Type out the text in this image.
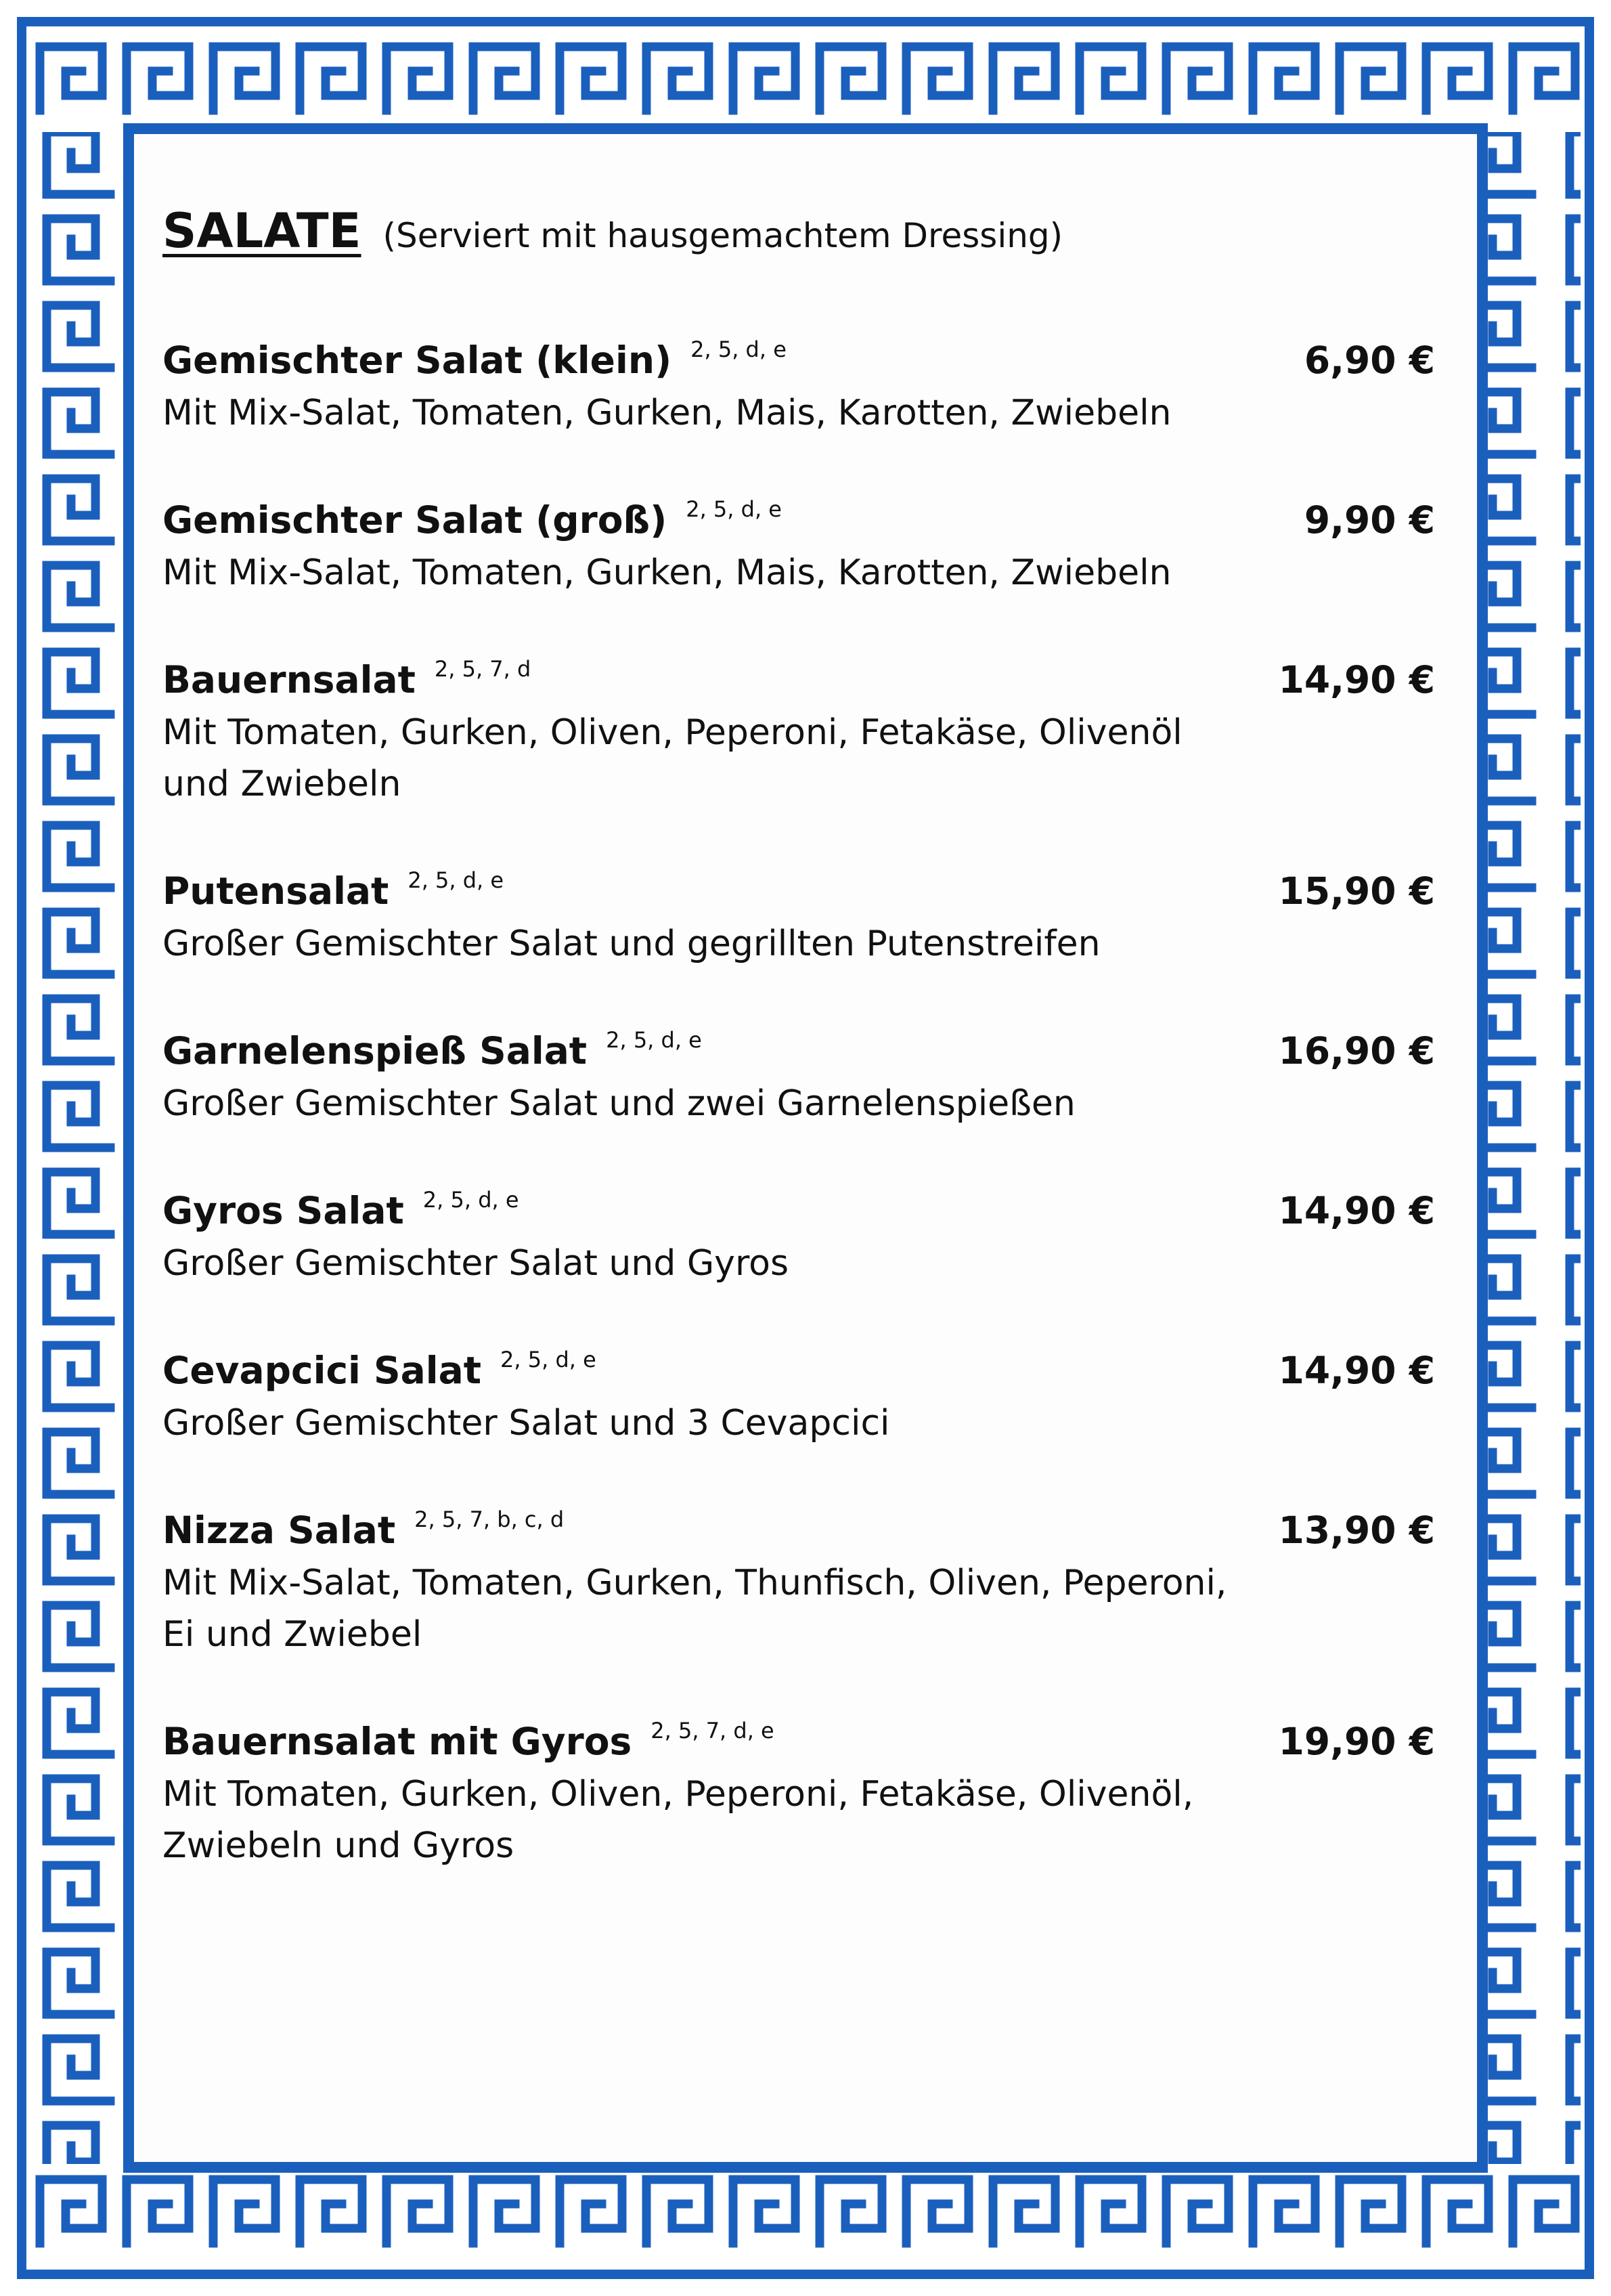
SALATE (Serviert mit hausgemachtem Dressing)
Gemischter Salat (klein) 2, 5, d, e	6,90 €
Mit Mix-Salat, Tomaten, Gurken, Mais, Karotten, Zwiebeln
Gemischter Salat (groß) 2, 5, d, e	9,90 €
Mit Mix-Salat, Tomaten, Gurken, Mais, Karotten, Zwiebeln
Bauernsalat 2, 5, 7, d	14,90 €
Mit Tomaten, Gurken, Oliven, Peperoni, Fetakäse, Olivenöl und Zwiebeln
Putensalat 2, 5, d, e	15,90 €
Großer Gemischter Salat und gegrillten Putenstreifen
Garnelenspieß Salat 2, 5, d, e	16,90 €
Großer Gemischter Salat und zwei Garnelenspießen
Gyros Salat 2, 5, d, e	14,90 €
Großer Gemischter Salat und Gyros
Cevapcici Salat 2, 5, d, e	14,90 €
Großer Gemischter Salat und 3 Cevapcici
Nizza Salat 2, 5, 7, b, c, d	13,90 €
Mit Mix-Salat, Tomaten, Gurken, Thunfisch, Oliven, Peperoni, Ei und Zwiebel
Bauernsalat mit Gyros 2, 5, 7, d, e	19,90 €
Mit Tomaten, Gurken, Oliven, Peperoni, Fetakäse, Olivenöl, Zwiebeln und Gyros
